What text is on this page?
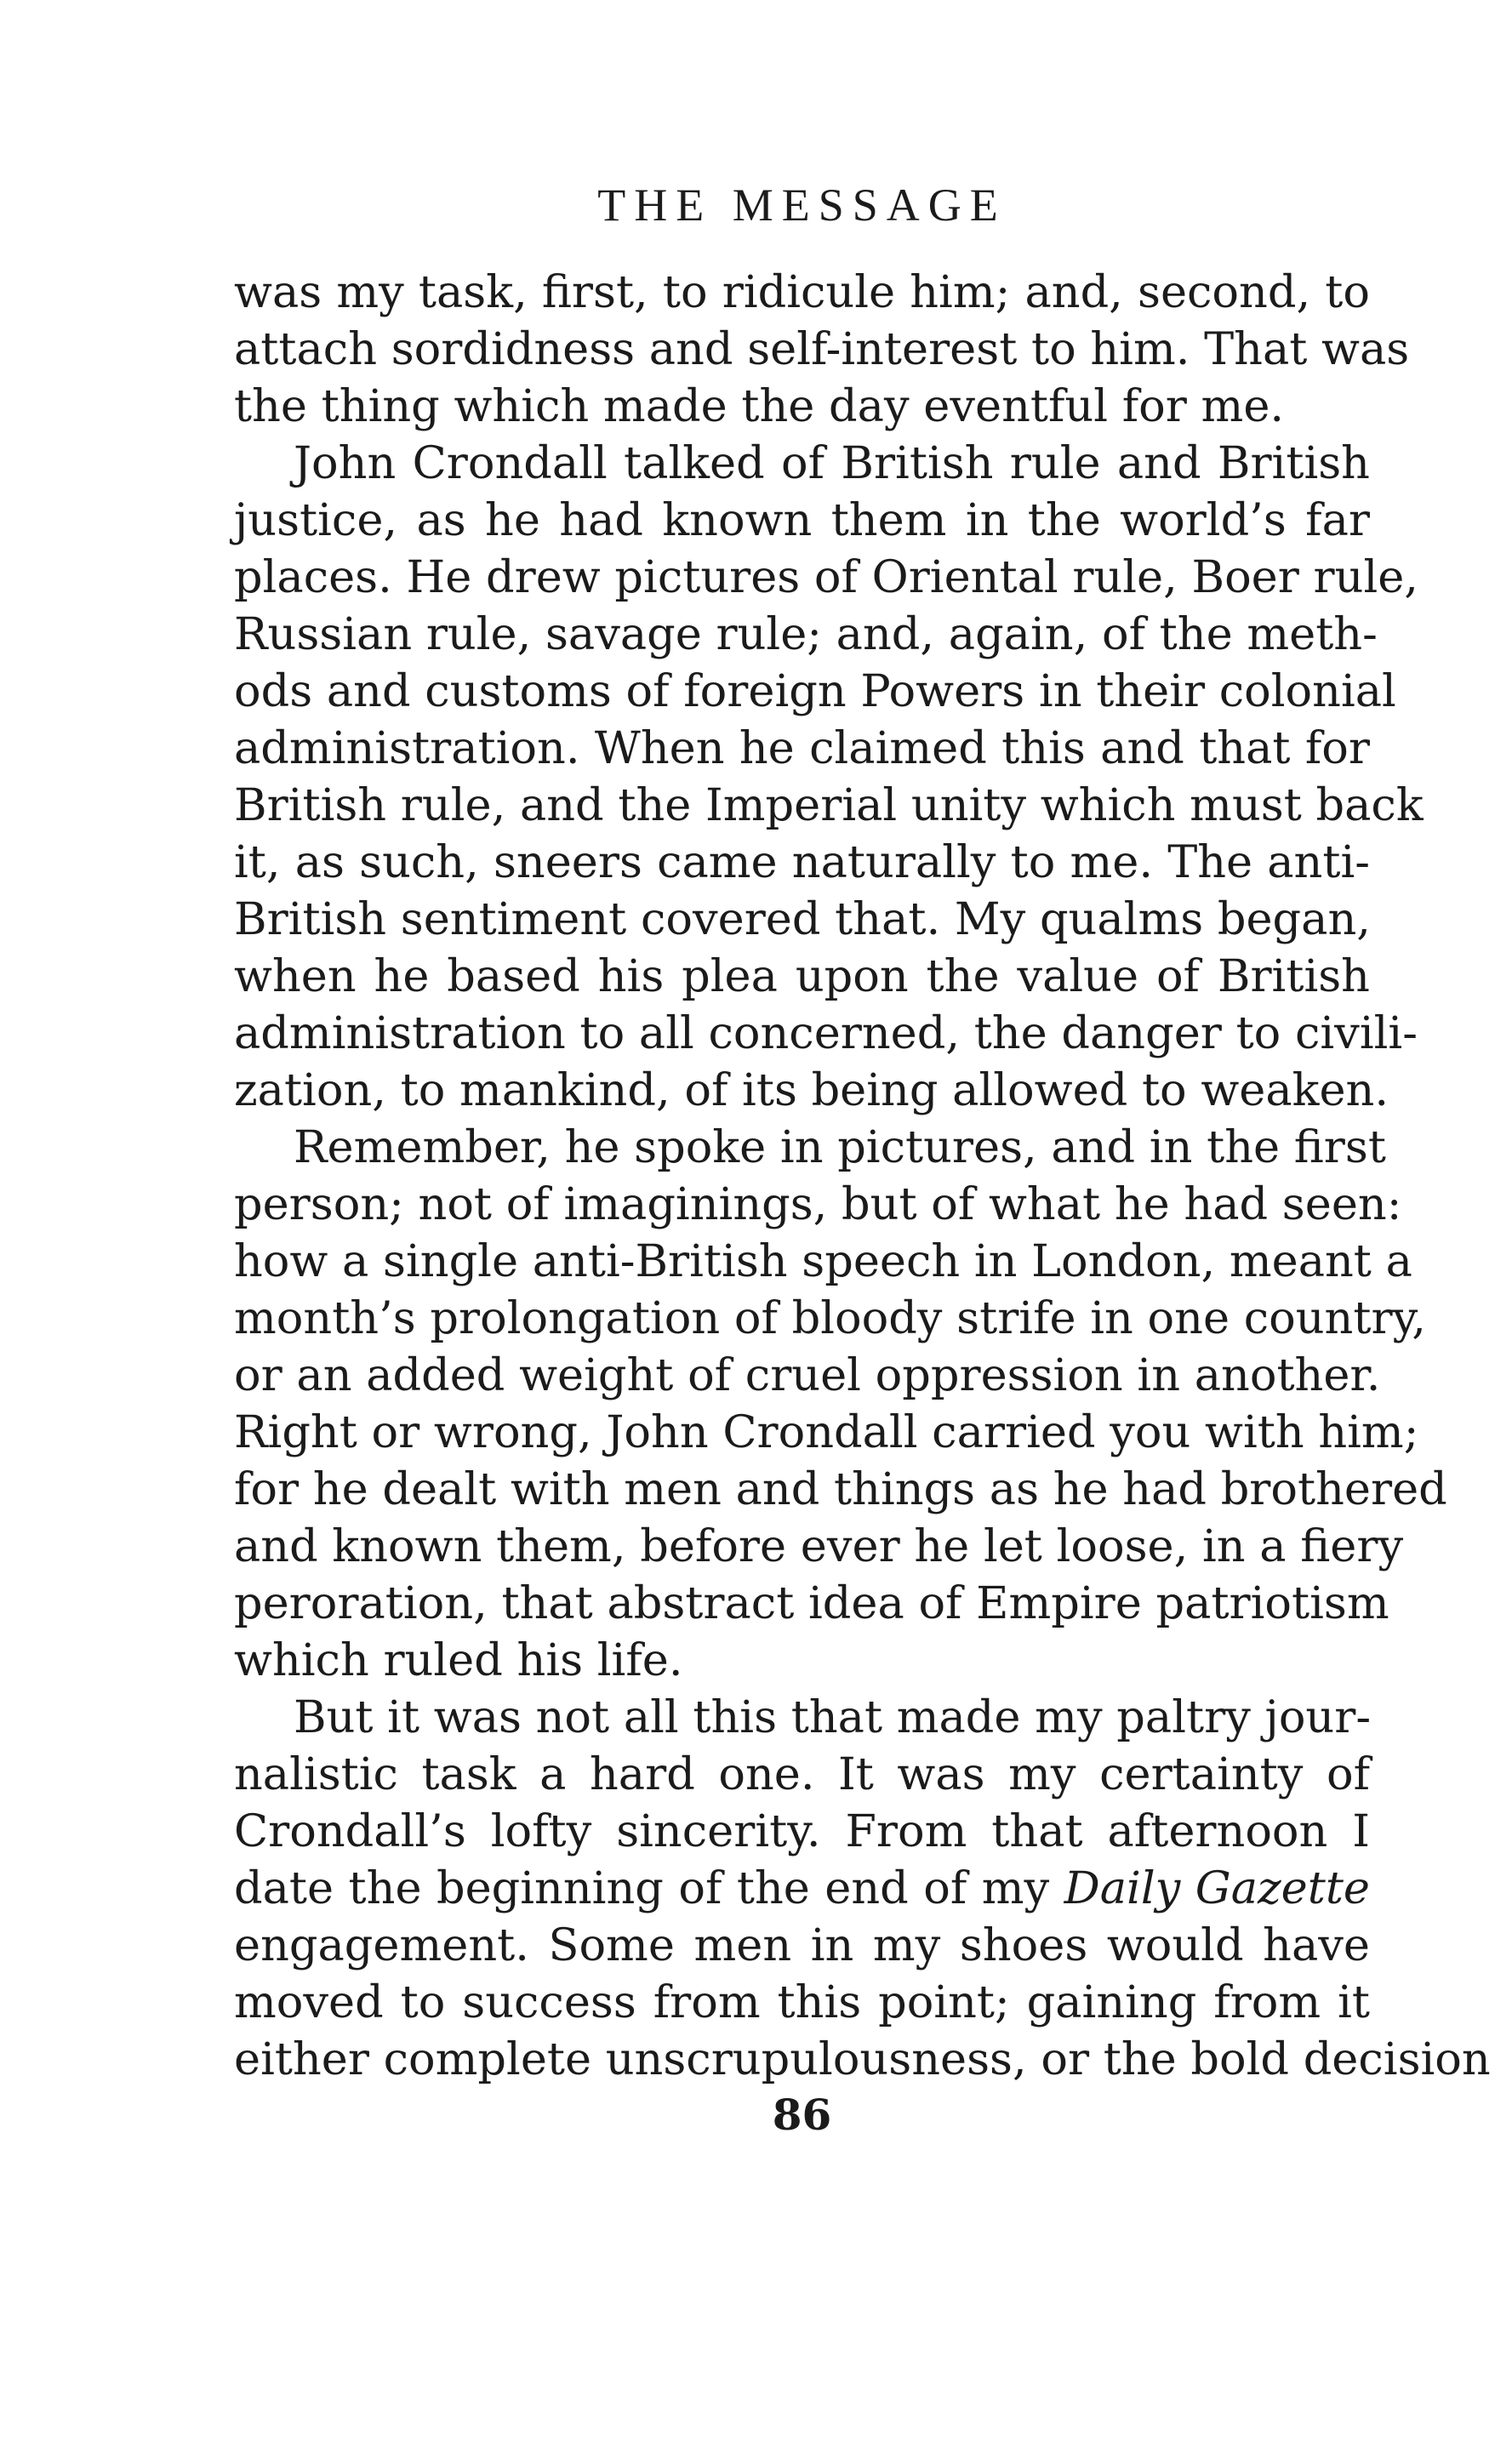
THE MESSAGE
was my task, first, to ridicule him; and, second, to
attach sordidness and self-interest to him. That was
the thing which made the day eventful for me.
John Crondall talked of British rule and British
justice, as he had known them in the world’s far
places. He drew pictures of Oriental rule, Boer rule,
Russian rule, savage rule; and, again, of the meth-
ods and customs of foreign Powers in their colonial
administration. When he claimed this and that for
British rule, and the Imperial unity which must back
it, as such, sneers came naturally to me. The anti-
British sentiment covered that. My qualms began,
when he based his plea upon the value of British
administration to all concerned, the danger to civili-
zation, to mankind, of its being allowed to weaken.
Remember, he spoke in pictures, and in the first
person; not of imaginings, but of what he had seen:
how a single anti-British speech in London, meant a
month’s prolongation of bloody strife in one country,
or an added weight of cruel oppression in another.
Right or wrong, John Crondall carried you with him;
for he dealt with men and things as he had brothered
and known them, before ever he let loose, in a fiery
peroration, that abstract idea of Empire patriotism
which ruled his life.
But it was not all this that made my paltry jour-
nalistic task a hard one. It was my certainty of
Crondall’s lofty sincerity. From that afternoon I
date the beginning of the end of my Daily Gazette
engagement. Some men in my shoes would have
moved to success from this point; gaining from it
either complete unscrupulousness, or the bold decision
86
